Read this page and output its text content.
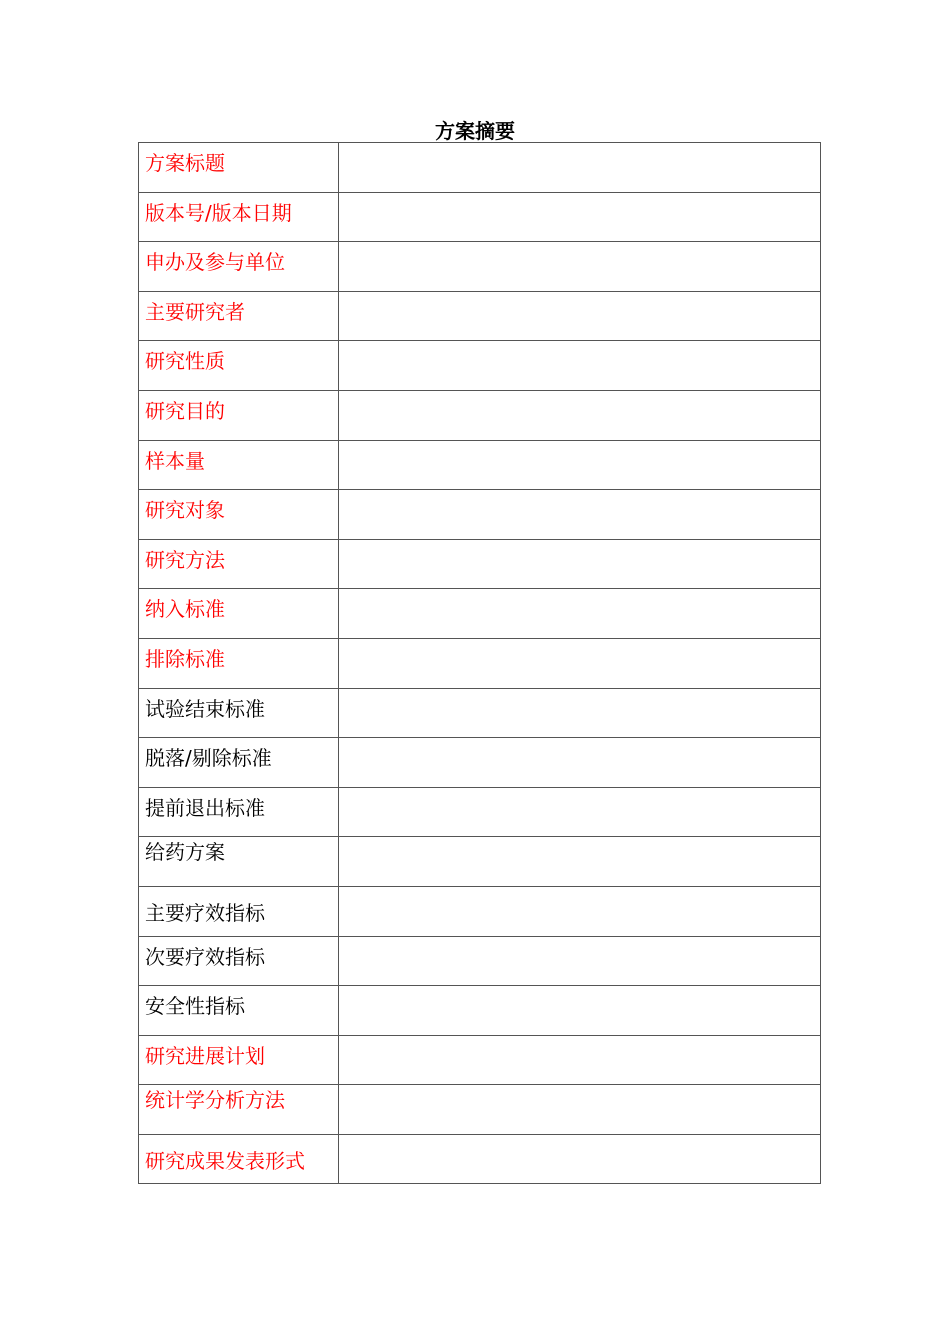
方案摘要
方案标题	
版本号/版本日期	
申办及参与单位	
主要研究者	
研究性质	
研究目的	
样本量	
研究对象	
研究方法	
纳入标准	
排除标准	
试验结束标准	
脱落/剔除标准	
提前退出标准	
给药方案	
主要疗效指标	
次要疗效指标	
安全性指标	
研究进展计划	
统计学分析方法	
研究成果发表形式	
